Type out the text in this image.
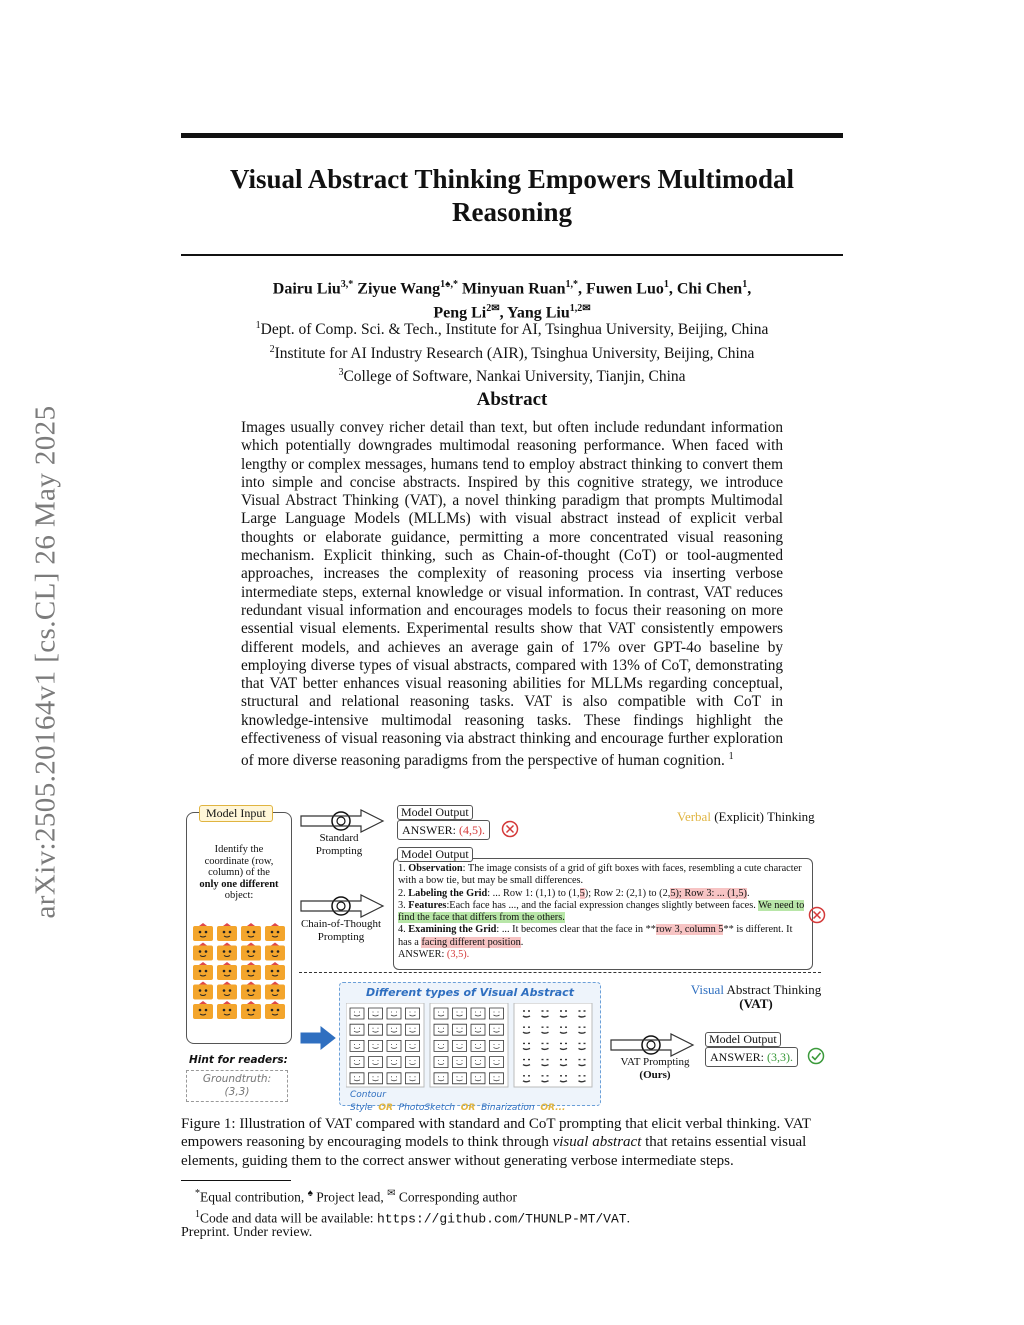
arXiv:2505.20164v1 [cs.CL] 26 May 2025
Visual Abstract Thinking Empowers Multimodal Reasoning
Dairu Liu$^{3,*}$ Ziyue Wang$^{1♠,*}$ Minyuan Ruan$^{1,*}$, Fuwen Luo$^1$, Chi Chen$^1$,
Peng $Li^{2✉}$, Yang Liu$^{1,2✉}$
$^1$Dept. of Comp. Sci. & Tech., Institute for AI, Tsinghua University, Beijing, China
$^2$Institute for AI Industry Research (AIR), Tsinghua University, Beijing, China
$^3$College of Software, Nankai University, Tianjin, China
Abstract
Images usually convey richer detail than text, but often include redundant information which potentially downgrades multimodal reasoning performance. When faced with lengthy or complex messages, humans tend to employ abstract thinking to convert them into simple and concise abstracts. Inspired by this cognitive strategy, we introduce Visual Abstract Thinking (VAT), a novel thinking paradigm that prompts Multimodal Large Language Models (MLLMs) with visual abstract instead of explicit verbal thoughts or elaborate guidance, permitting a more concentrated visual reasoning mechanism. Explicit thinking, such as Chain-of-thought (CoT) or tool-augmented approaches, increases the complexity of reasoning process via inserting verbose intermediate steps, external knowledge or visual information. In contrast, VAT reduces redundant visual information and encourages models to focus their reasoning on more essential visual elements. Experimental results show that VAT consistently empowers different models, and achieves an average gain of 17% over GPT-4o baseline by employing diverse types of visual abstracts, compared with 13% of CoT, demonstrating that VAT better enhances visual reasoning abilities for MLLMs regarding conceptual, structural and relational reasoning tasks. VAT is also compatible with CoT in knowledge-intensive multimodal reasoning tasks. These findings highlight the effectiveness of visual reasoning via abstract thinking and encourage further exploration of more diverse reasoning paradigms from the perspective of human cognition. $^1$
Model Input
Identify the
coordinate (row,
column) of the
only one different
object:
Hint for readers:
Groundtruth:
(3,3)
Standard
Prompting
Model Output
ANSWER: (4,5).
Verbal (Explicit) Thinking
Chain-of-Thought
Prompting
Model Output
1. Observation: The image consists of a grid of gift boxes with faces, resembling a cute character with a bow tie, but may be small differences.
2. Labeling the Grid: ... Row 1: (1,1) to (1,5); Row 2: (2,1) to (2,5); Row 3: ... (1,5).
3. Features:Each face has ..., and the facial expression changes slightly between faces. We need to find the face that differs from the others.
4. Examining the Grid: ... It becomes clear that the face in **row 3, column 5** is different. It has a facing different position.
ANSWER: (3,5).
Different types of Visual Abstract
Contour Style OR PhotoSketch OR Binarization OR...
Visual Abstract Thinking
(VAT)
VAT Prompting
(Ours)
Model Output
ANSWER: (3,3).
Figure 1: Illustration of VAT compared with standard and CoT prompting that elicit verbal thinking. VAT empowers reasoning by encouraging models to think through visual abstract that retains essential visual elements, guiding them to the correct answer without generating verbose intermediate steps.
*Equal contribution, ♠ Project lead, ✉ Corresponding author
$^1$Code and data will be available: https://github.com/THUNLP-MT/VAT.
Preprint. Under review.
